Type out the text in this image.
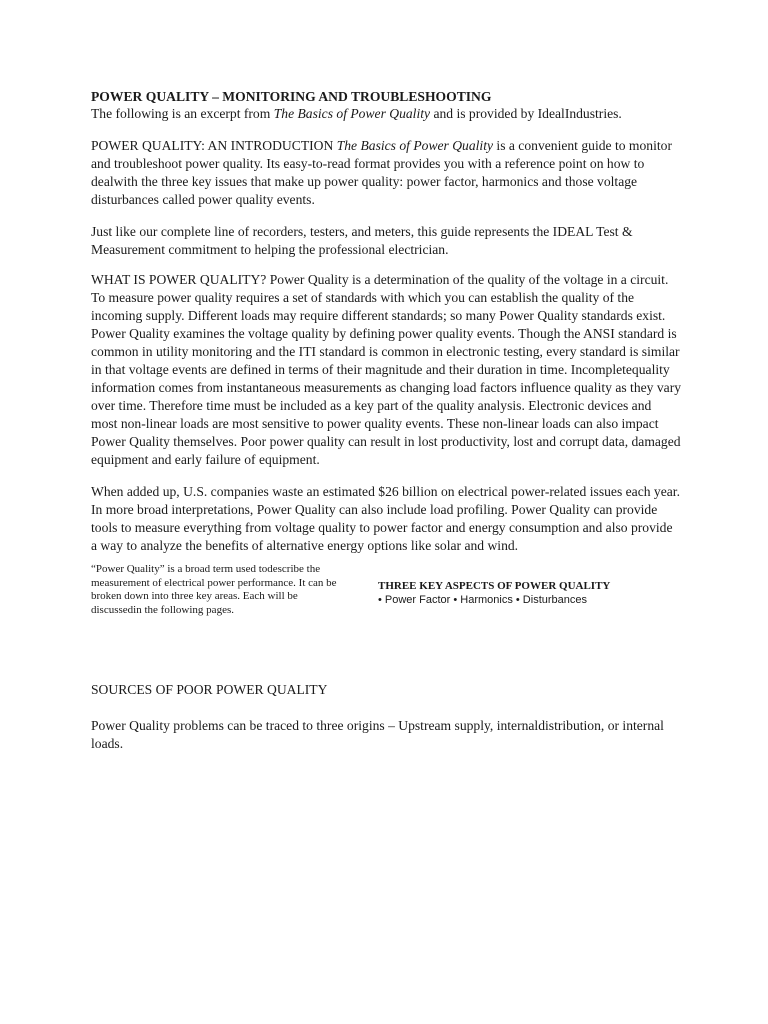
POWER QUALITY – MONITORING AND TROUBLESHOOTING

The following is an excerpt from The Basics of Power Quality and is provided by IdealIndustries.

POWER QUALITY: AN INTRODUCTION The Basics of Power Quality is a convenient guide to monitor and troubleshoot power quality. Its easy-to-read format provides you with a reference point on how to dealwith the three key issues that make up power quality: power factor, harmonics and those voltage disturbances called power quality events.

Just like our complete line of recorders, testers, and meters, this guide represents the IDEAL Test & Measurement commitment to helping the professional electrician.

WHAT IS POWER QUALITY? Power Quality is a determination of the quality of the voltage in a circuit. To measure power quality requires a set of standards with which you can establish the quality of the incoming supply. Different loads may require different standards; so many Power Quality standards exist. Power Quality examines the voltage quality by defining power quality events. Though the ANSI standard is common in utility monitoring and the ITI standard is common in electronic testing, every standard is similar in that voltage events are defined in terms of their magnitude and their duration in time. Incompletequality information comes from instantaneous measurements as changing load factors influence quality as they vary over time. Therefore time must be included as a key part of the quality analysis. Electronic devices and most non-linear loads are most sensitive to power quality events. These non-linear loads can also impact Power Quality themselves. Poor power quality can result in lost productivity, lost and corrupt data, damaged equipment and early failure of equipment.

When added up, U.S. companies waste an estimated $26 billion on electrical power-related issues each year. In more broad interpretations, Power Quality can also include load profiling. Power Quality can provide tools to measure everything from voltage quality to power factor and energy consumption and also provide a way to analyze the benefits of alternative energy options like solar and wind.

“Power Quality” is a broad term used todescribe the measurement of electrical power performance. It can be broken down into three key areas. Each will be discussedin the following pages.

THREE KEY ASPECTS OF POWER QUALITY

• Power Factor • Harmonics • Disturbances

SOURCES OF POOR POWER QUALITY

Power Quality problems can be traced to three origins – Upstream supply, internaldistribution, or internal loads.
